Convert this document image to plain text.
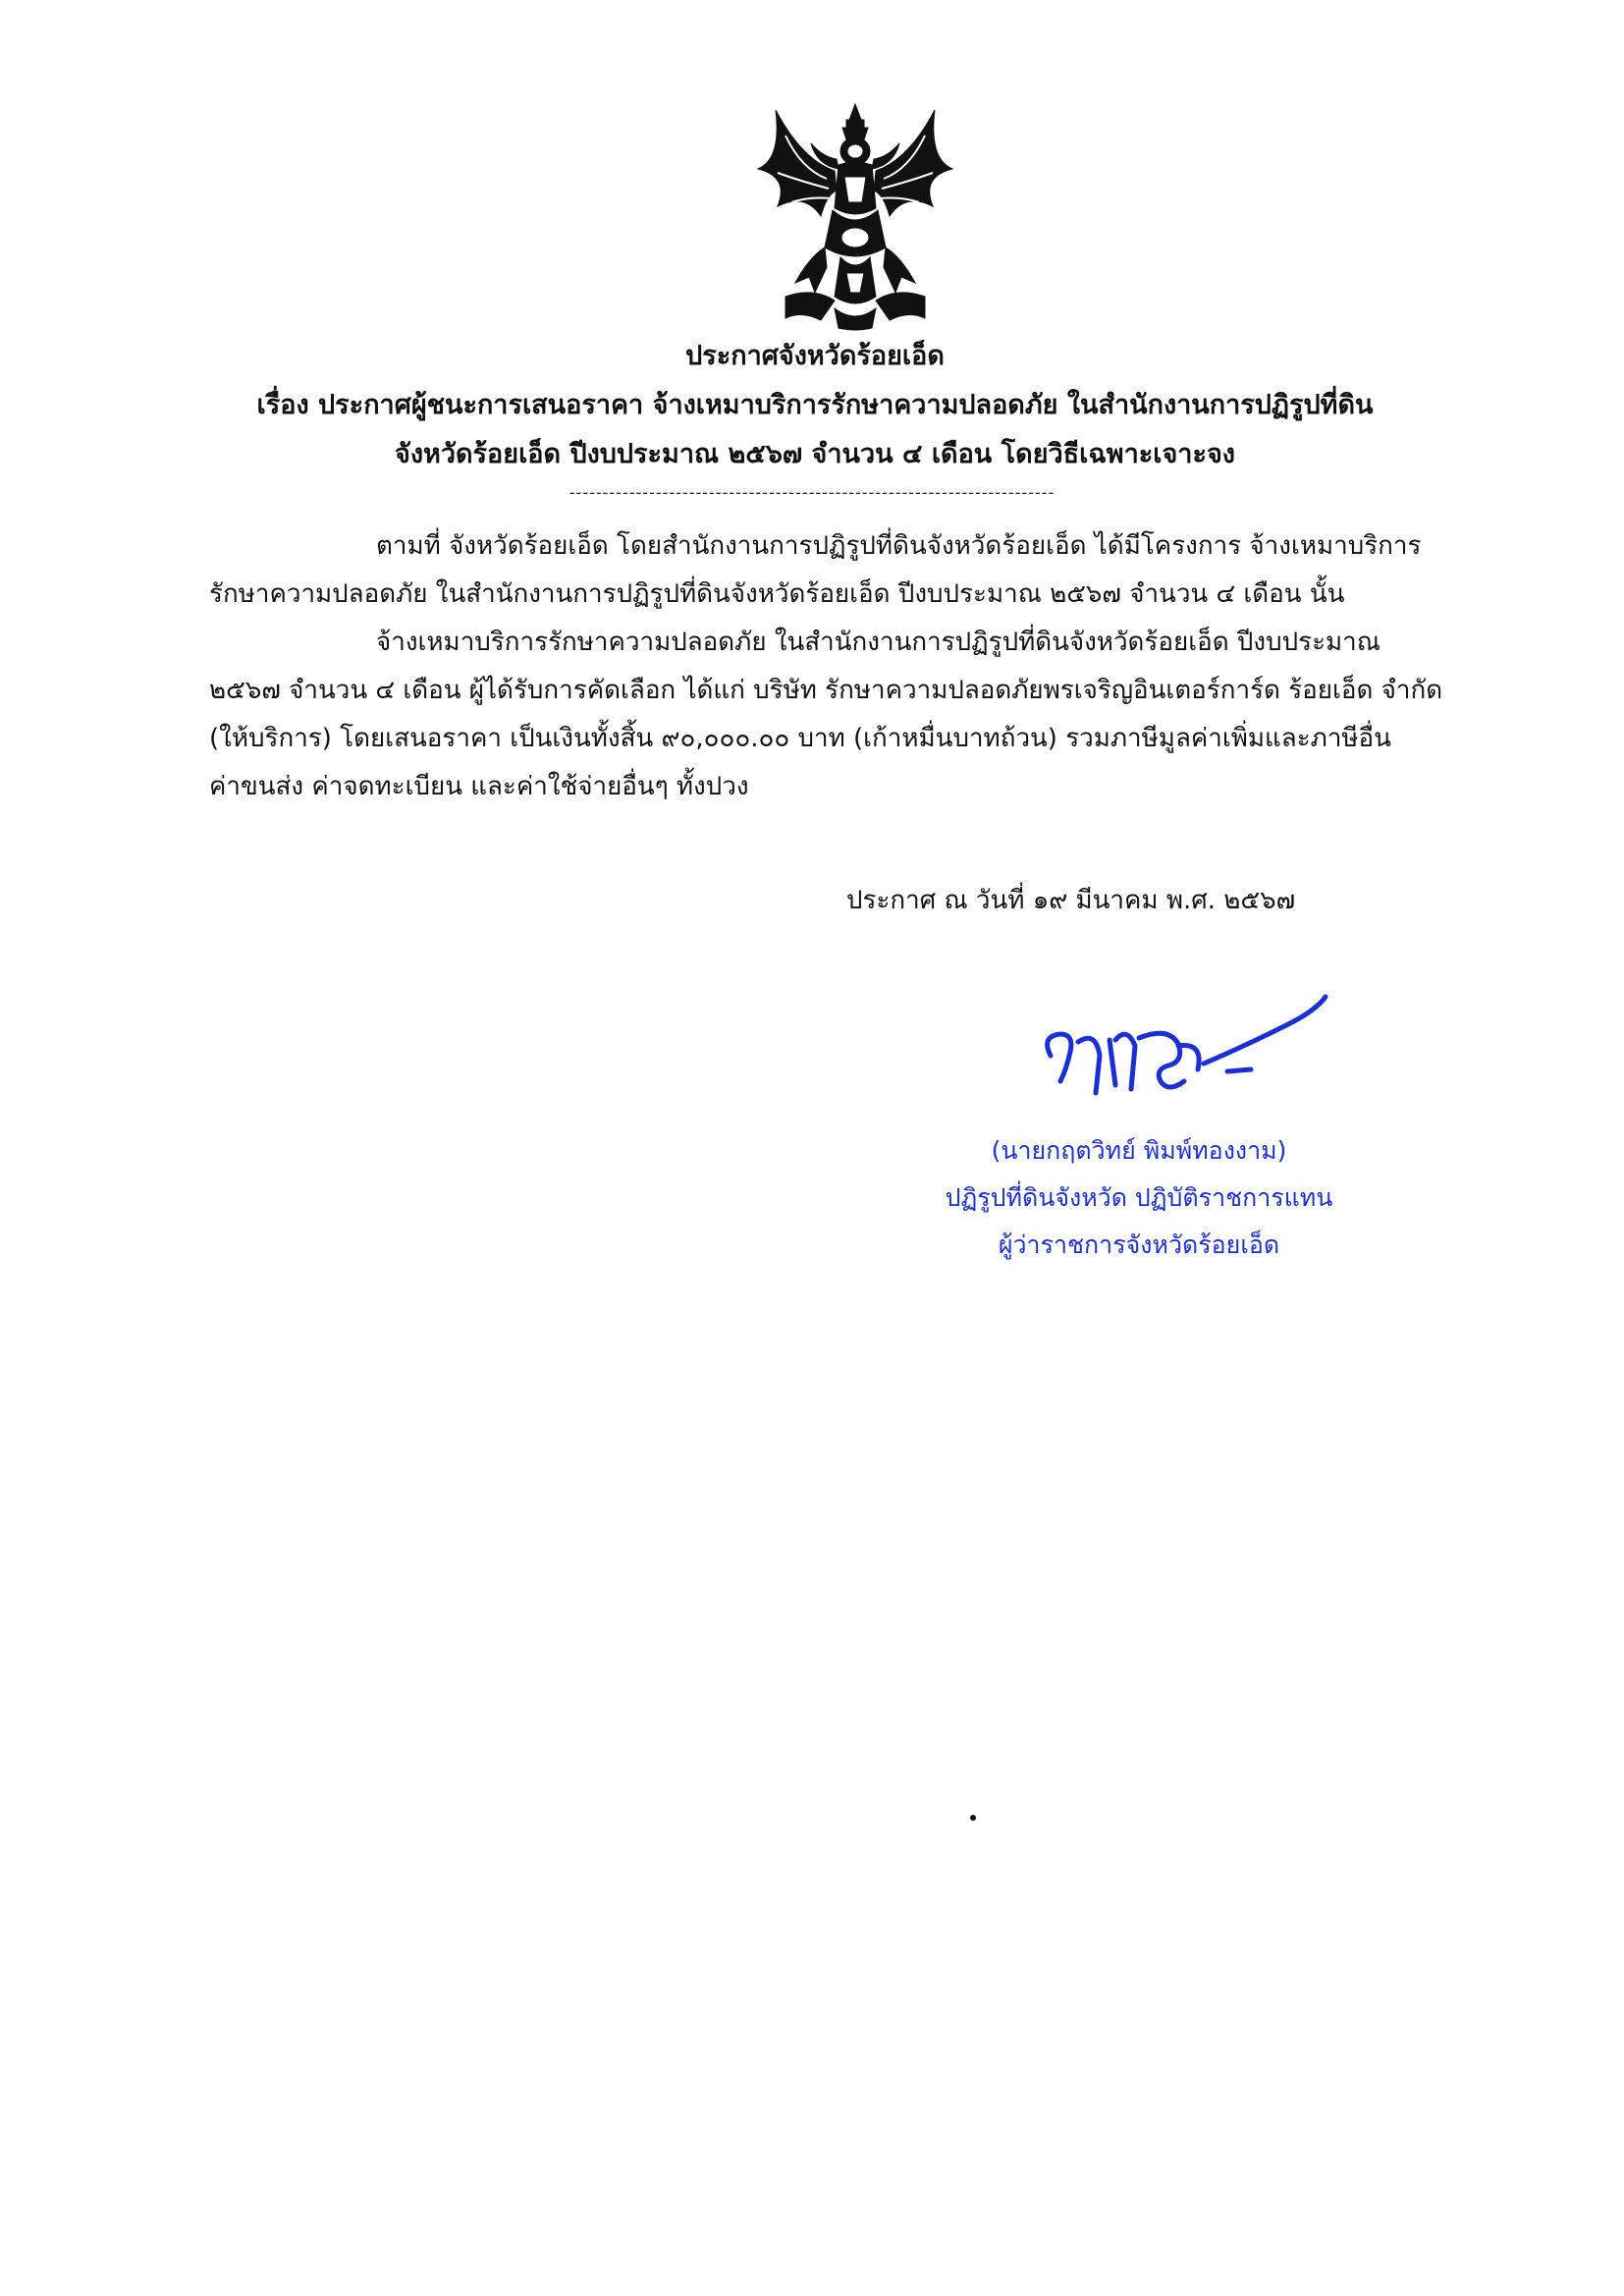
ประกาศจังหวัดร้อยเอ็ด
เรื่อง ประกาศผู้ชนะการเสนอราคา จ้างเหมาบริการรักษาความปลอดภัย ในสำนักงานการปฏิรูปที่ดิน
จังหวัดร้อยเอ็ด ปีงบประมาณ ๒๕๖๗ จำนวน ๔ เดือน โดยวิธีเฉพาะเจาะจง
-------------------------------------------------------------------------
ตามที่ จังหวัดร้อยเอ็ด โดยสำนักงานการปฏิรูปที่ดินจังหวัดร้อยเอ็ด ได้มีโครงการ จ้างเหมาบริการ
รักษาความปลอดภัย ในสำนักงานการปฏิรูปที่ดินจังหวัดร้อยเอ็ด ปีงบประมาณ ๒๕๖๗ จำนวน ๔ เดือน นั้น
จ้างเหมาบริการรักษาความปลอดภัย ในสำนักงานการปฏิรูปที่ดินจังหวัดร้อยเอ็ด ปีงบประมาณ
๒๕๖๗ จำนวน ๔ เดือน ผู้ได้รับการคัดเลือก ได้แก่ บริษัท รักษาความปลอดภัยพรเจริญอินเตอร์การ์ด ร้อยเอ็ด จำกัด
(ให้บริการ) โดยเสนอราคา เป็นเงินทั้งสิ้น ๙๐,๐๐๐.๐๐ บาท (เก้าหมื่นบาทถ้วน) รวมภาษีมูลค่าเพิ่มและภาษีอื่น
ค่าขนส่ง ค่าจดทะเบียน และค่าใช้จ่ายอื่นๆ ทั้งปวง
ประกาศ ณ วันที่ ๑๙ มีนาคม พ.ศ. ๒๕๖๗
(นายกฤตวิทย์ พิมพ์ทองงาม)
ปฏิรูปที่ดินจังหวัด ปฏิบัติราชการแทน
ผู้ว่าราชการจังหวัดร้อยเอ็ด
